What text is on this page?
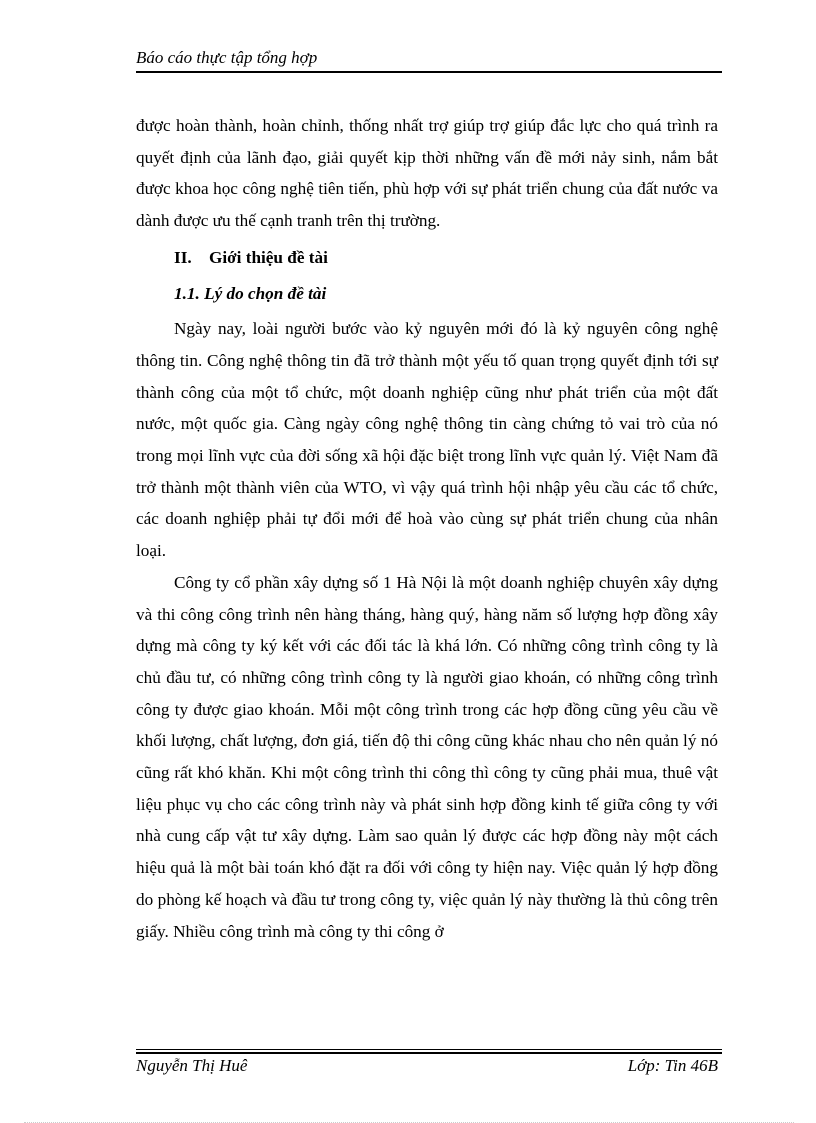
Báo cáo thực tập tổng hợp

được hoàn thành, hoàn chỉnh, thống nhất trợ giúp trợ giúp đắc lực cho quá trình ra quyết định của lãnh đạo, giải quyết kịp thời những vấn đề mới nảy sinh, nắm bắt được khoa học công nghệ tiên tiến, phù hợp với sự phát triển chung của đất nước va dành được ưu thế cạnh tranh trên thị trường.

II. Giới thiệu đề tài

1.1. Lý do chọn đề tài

Ngày nay, loài người bước vào kỷ nguyên mới đó là kỷ nguyên công nghệ thông tin. Công nghệ thông tin đã trở thành một yếu tố quan trọng quyết định tới sự thành công của một tổ chức, một doanh nghiệp cũng như phát triển của một đất nước, một quốc gia. Càng ngày công nghệ thông tin càng chứng tỏ vai trò của nó trong mọi lĩnh vực của đời sống xã hội đặc biệt trong lĩnh vực quản lý. Việt Nam đã trở thành một thành viên của WTO, vì vậy quá trình hội nhập yêu cầu các tổ chức, các doanh nghiệp phải tự đổi mới để hoà vào cùng sự phát triển chung của nhân loại.

Công ty cổ phần xây dựng số 1 Hà Nội là một doanh nghiệp chuyên xây dựng và thi công công trình nên hàng tháng, hàng quý, hàng năm số lượng hợp đồng xây dựng mà công ty ký kết với các đối tác là khá lớn. Có những công trình công ty là chủ đầu tư, có những công trình công ty là người giao khoán, có những công trình công ty được giao khoán. Mỗi một công trình trong các hợp đồng cũng yêu cầu về khối lượng, chất lượng, đơn giá, tiến độ thi công cũng khác nhau cho nên quản lý nó cũng rất khó khăn. Khi một công trình thi công thì công ty cũng phải mua, thuê vật liệu phục vụ cho các công trình này và phát sinh hợp đồng kinh tế giữa công ty với nhà cung cấp vật tư xây dựng. Làm sao quản lý được các hợp đồng này một cách hiệu quả là một bài toán khó đặt ra đối với công ty hiện nay. Việc quản lý hợp đồng do phòng kế hoạch và đầu tư trong công ty, việc quản lý này thường là thủ công trên giấy. Nhiều công trình mà công ty thi công ở

Nguyễn Thị Huê	Lớp: Tin 46B
